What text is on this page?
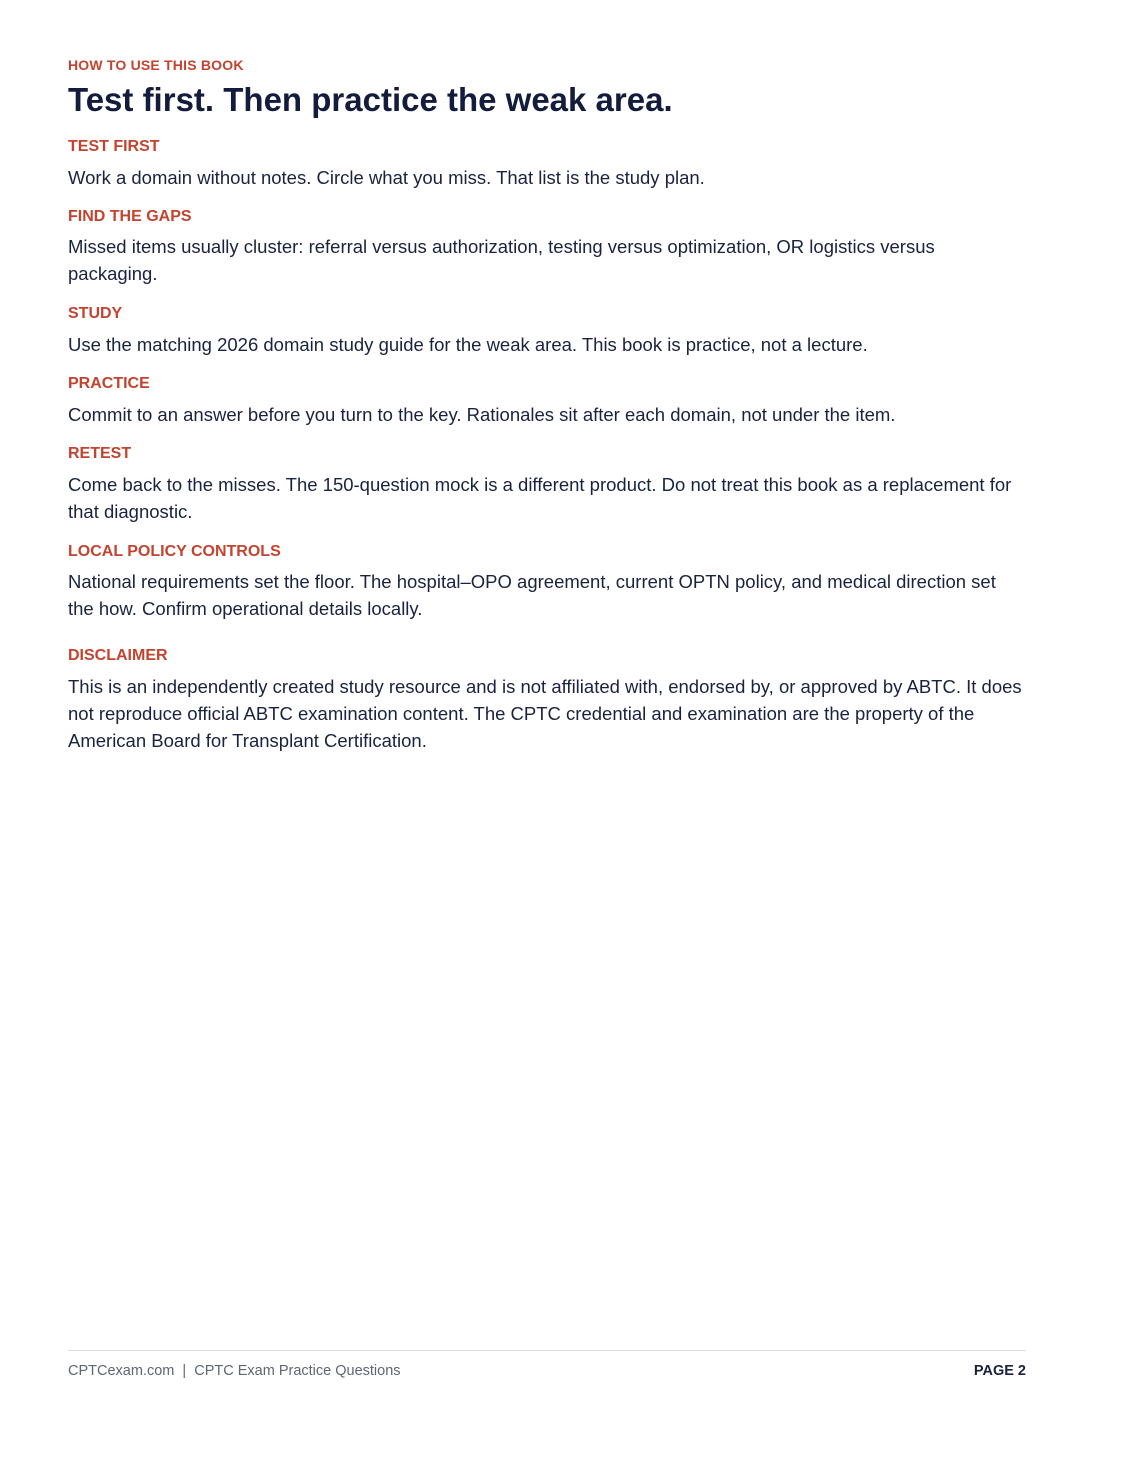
HOW TO USE THIS BOOK
Test first. Then practice the weak area.
TEST FIRST
Work a domain without notes. Circle what you miss. That list is the study plan.
FIND THE GAPS
Missed items usually cluster: referral versus authorization, testing versus optimization, OR logistics versus packaging.
STUDY
Use the matching 2026 domain study guide for the weak area. This book is practice, not a lecture.
PRACTICE
Commit to an answer before you turn to the key. Rationales sit after each domain, not under the item.
RETEST
Come back to the misses. The 150-question mock is a different product. Do not treat this book as a replacement for that diagnostic.
LOCAL POLICY CONTROLS
National requirements set the floor. The hospital–OPO agreement, current OPTN policy, and medical direction set the how. Confirm operational details locally.
DISCLAIMER
This is an independently created study resource and is not affiliated with, endorsed by, or approved by ABTC. It does not reproduce official ABTC examination content. The CPTC credential and examination are the property of the American Board for Transplant Certification.
CPTCexam.com  |  CPTC Exam Practice Questions	PAGE 2
